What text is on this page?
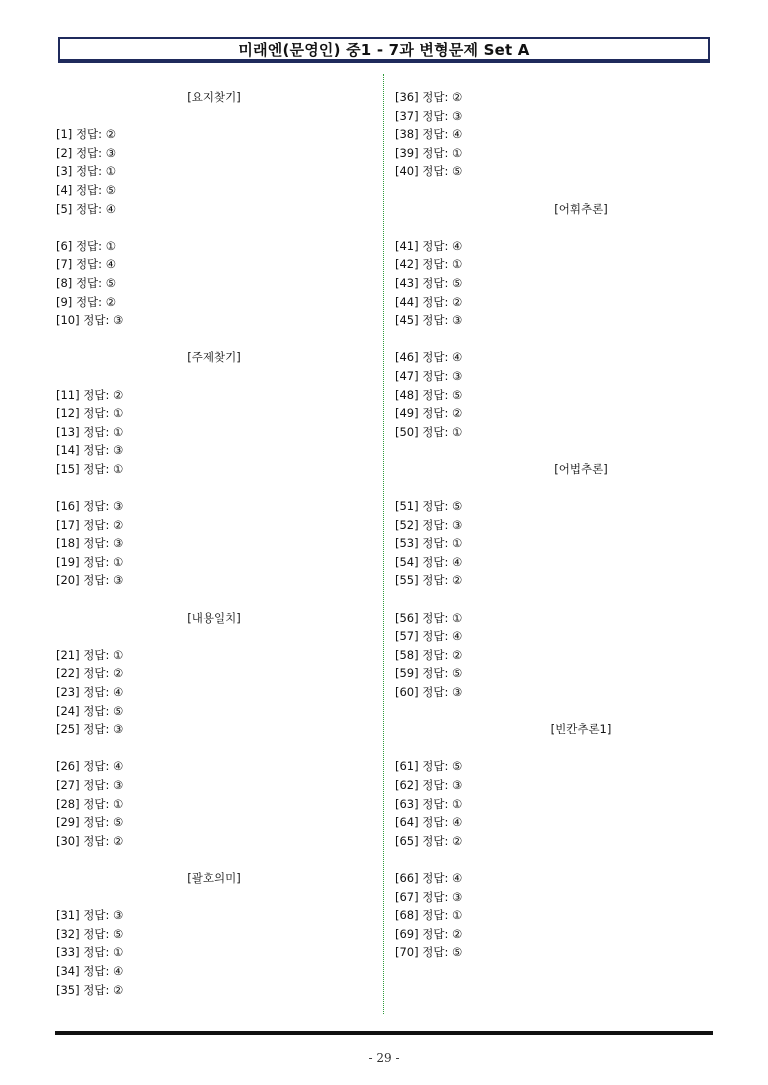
미래엔(문영인) 중1 - 7과 변형문제 Set A
[요지찾기]
[1] 정답: ②
[2] 정답: ③
[3] 정답: ①
[4] 정답: ⑤
[5] 정답: ④
[6] 정답: ①
[7] 정답: ④
[8] 정답: ⑤
[9] 정답: ②
[10] 정답: ③
[주제찾기]
[11] 정답: ②
[12] 정답: ①
[13] 정답: ①
[14] 정답: ③
[15] 정답: ①
[16] 정답: ③
[17] 정답: ②
[18] 정답: ③
[19] 정답: ①
[20] 정답: ③
[내용일치]
[21] 정답: ①
[22] 정답: ②
[23] 정답: ④
[24] 정답: ⑤
[25] 정답: ③
[26] 정답: ④
[27] 정답: ③
[28] 정답: ①
[29] 정답: ⑤
[30] 정답: ②
[괄호의미]
[31] 정답: ③
[32] 정답: ⑤
[33] 정답: ①
[34] 정답: ④
[35] 정답: ②
[36] 정답: ②
[37] 정답: ③
[38] 정답: ④
[39] 정답: ①
[40] 정답: ⑤
[어휘추론]
[41] 정답: ④
[42] 정답: ①
[43] 정답: ⑤
[44] 정답: ②
[45] 정답: ③
[46] 정답: ④
[47] 정답: ③
[48] 정답: ⑤
[49] 정답: ②
[50] 정답: ①
[어법추론]
[51] 정답: ⑤
[52] 정답: ③
[53] 정답: ①
[54] 정답: ④
[55] 정답: ②
[56] 정답: ①
[57] 정답: ④
[58] 정답: ②
[59] 정답: ⑤
[60] 정답: ③
[빈칸추론1]
[61] 정답: ⑤
[62] 정답: ③
[63] 정답: ①
[64] 정답: ④
[65] 정답: ②
[66] 정답: ④
[67] 정답: ③
[68] 정답: ①
[69] 정답: ②
[70] 정답: ⑤
- 29 -
